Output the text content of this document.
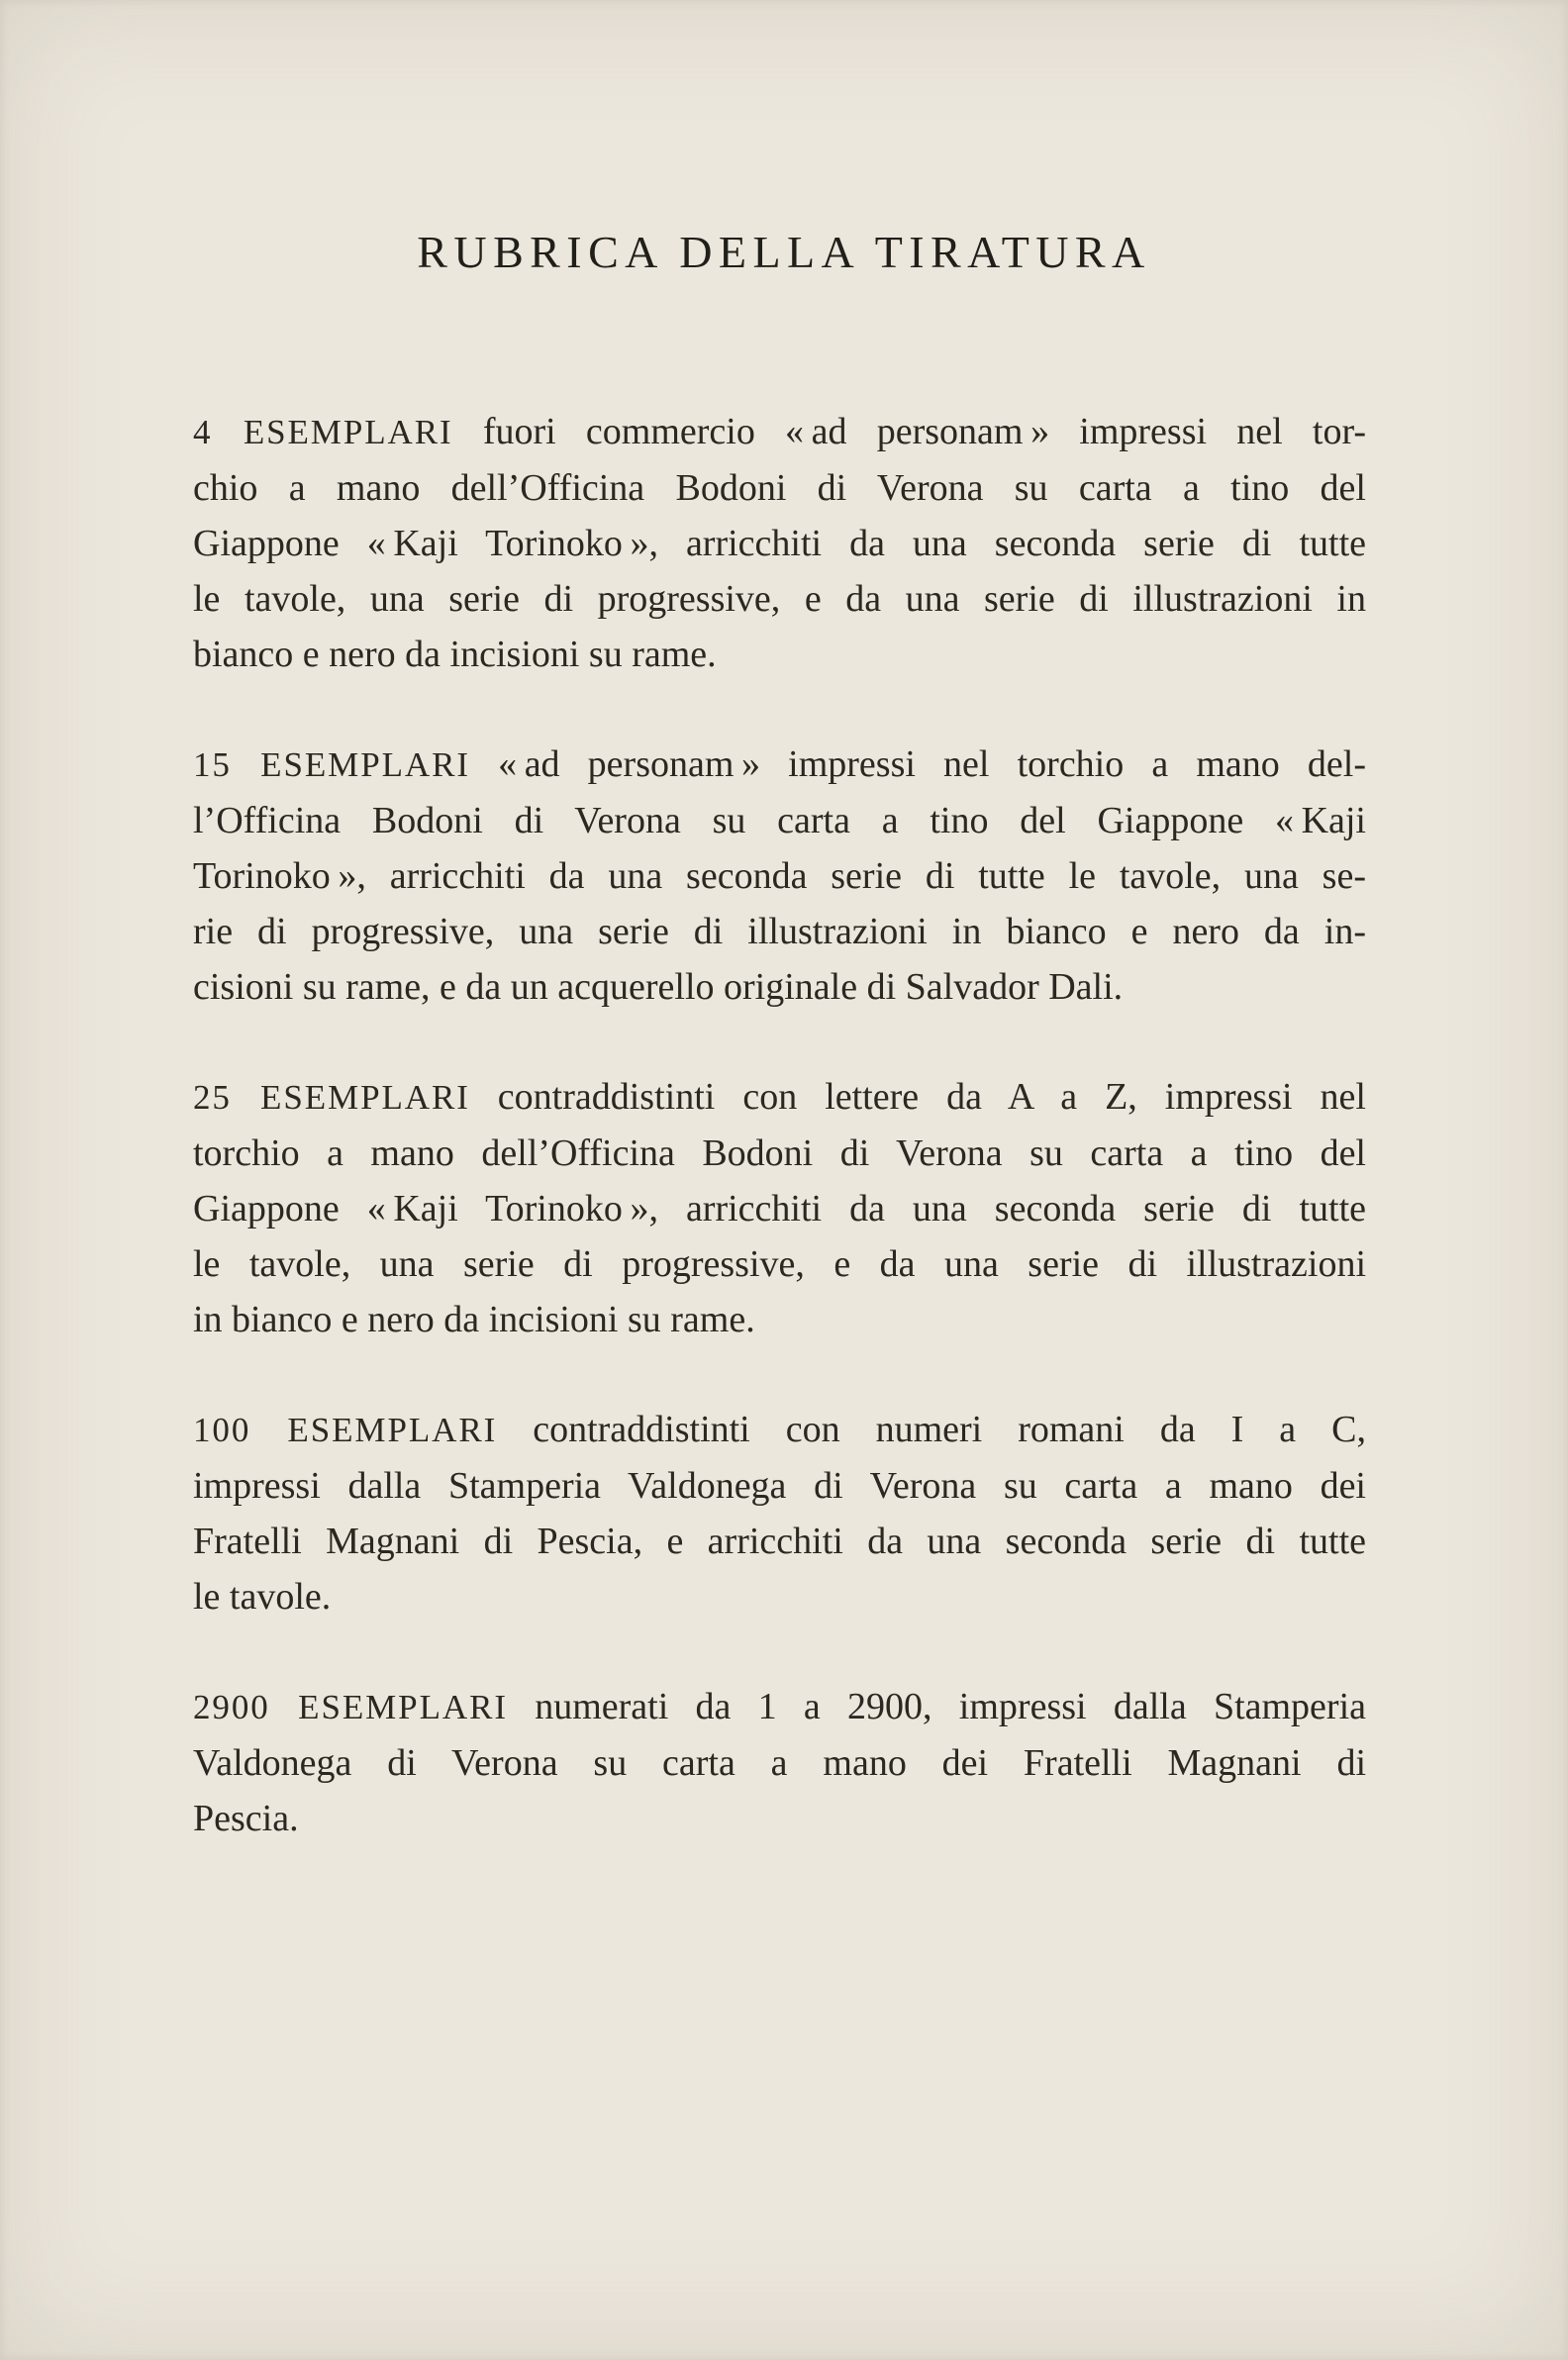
RUBRICA DELLA TIRATURA
4 ESEMPLARI fuori commercio « ad personam » impressi nel tor-
chio a mano dell’Officina Bodoni di Verona su carta a tino del
Giappone « Kaji Torinoko », arricchiti da una seconda serie di tutte
le tavole, una serie di progressive, e da una serie di illustrazioni in
bianco e nero da incisioni su rame.
15 ESEMPLARI « ad personam » impressi nel torchio a mano del-
l’Officina Bodoni di Verona su carta a tino del Giappone « Kaji
Torinoko », arricchiti da una seconda serie di tutte le tavole, una se-
rie di progressive, una serie di illustrazioni in bianco e nero da in-
cisioni su rame, e da un acquerello originale di Salvador Dali.
25 ESEMPLARI contraddistinti con lettere da A a Z, impressi nel
torchio a mano dell’Officina Bodoni di Verona su carta a tino del
Giappone « Kaji Torinoko », arricchiti da una seconda serie di tutte
le tavole, una serie di progressive, e da una serie di illustrazioni
in bianco e nero da incisioni su rame.
100 ESEMPLARI contraddistinti con numeri romani da I a C,
impressi dalla Stamperia Valdonega di Verona su carta a mano dei
Fratelli Magnani di Pescia, e arricchiti da una seconda serie di tutte
le tavole.
2900 ESEMPLARI numerati da 1 a 2900, impressi dalla Stamperia
Valdonega di Verona su carta a mano dei Fratelli Magnani di
Pescia.
